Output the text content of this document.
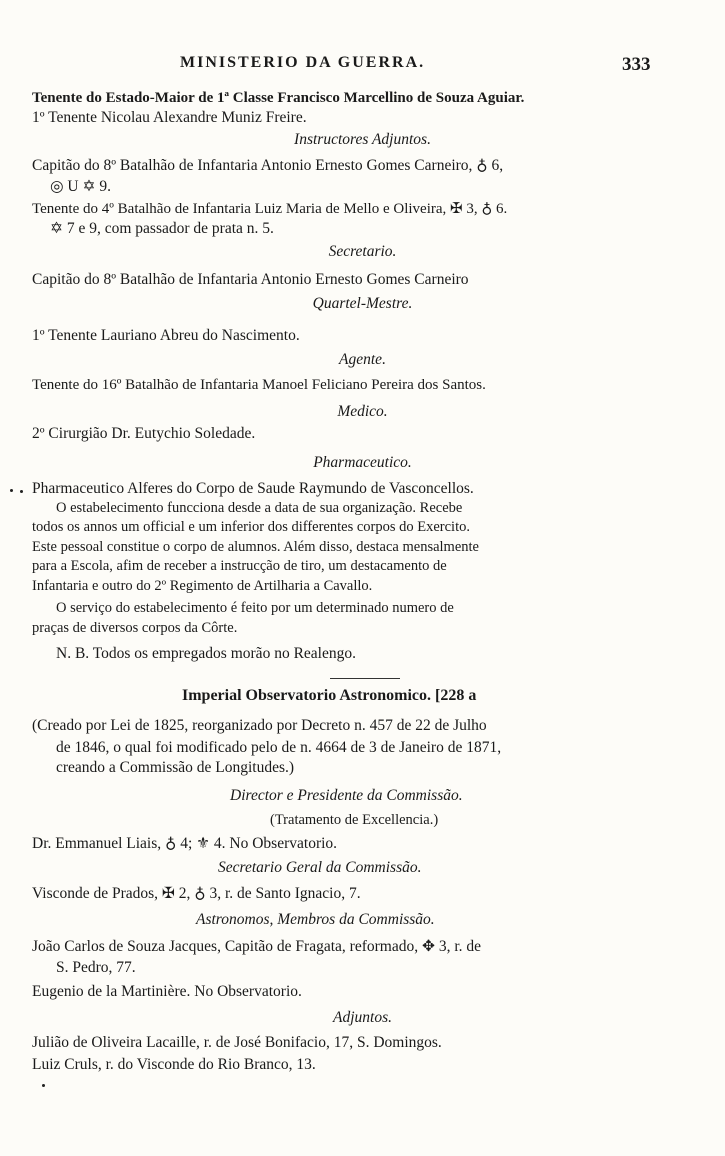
MINISTERIO DA GUERRA.	333
Tenente do Estado-Maior de 1ª Classe Francisco Marcellino de Souza Aguiar.
1º Tenente Nicolau Alexandre Muniz Freire.
Instructores Adjuntos.
Capitão do 8º Batalhão de Infantaria Antonio Ernesto Gomes Carneiro, ♁ 6,
◎ U ✡ 9.
Tenente do 4º Batalhão de Infantaria Luiz Maria de Mello e Oliveira, ✠ 3, ♁ 6.
✡ 7 e 9, com passador de prata n. 5.
Secretario.
Capitão do 8º Batalhão de Infantaria Antonio Ernesto Gomes Carneiro
Quartel-Mestre.
1º Tenente Lauriano Abreu do Nascimento.
Agente.
Tenente do 16º Batalhão de Infantaria Manoel Feliciano Pereira dos Santos.
Medico.
2º Cirurgião Dr. Eutychio Soledade.
Pharmaceutico.
Pharmaceutico Alferes do Corpo de Saude Raymundo de Vasconcellos.
O estabelecimento funcciona desde a data de sua organização. Recebe
todos os annos um official e um inferior dos differentes corpos do Exercito.
Este pessoal constitue o corpo de alumnos. Além disso, destaca mensalmente
para a Escola, afim de receber a instrucção de tiro, um destacamento de
Infantaria e outro do 2º Regimento de Artilharia a Cavallo.
O serviço do estabelecimento é feito por um determinado numero de
praças de diversos corpos da Côrte.
N. B. Todos os empregados morão no Realengo.
Imperial Observatorio Astronomico. [228 a
(Creado por Lei de 1825, reorganizado por Decreto n. 457 de 22 de Julho
de 1846, o qual foi modificado pelo de n. 4664 de 3 de Janeiro de 1871,
creando a Commissão de Longitudes.)
Director e Presidente da Commissão.
(Tratamento de Excellencia.)
Dr. Emmanuel Liais, ♁ 4; ⚜ 4. No Observatorio.
Secretario Geral da Commissão.
Visconde de Prados, ✠ 2, ♁ 3, r. de Santo Ignacio, 7.
Astronomos, Membros da Commissão.
João Carlos de Souza Jacques, Capitão de Fragata, reformado, ✥ 3, r. de
S. Pedro, 77.
Eugenio de la Martinière. No Observatorio.
Adjuntos.
Julião de Oliveira Lacaille, r. de José Bonifacio, 17, S. Domingos.
Luiz Cruls, r. do Visconde do Rio Branco, 13.
